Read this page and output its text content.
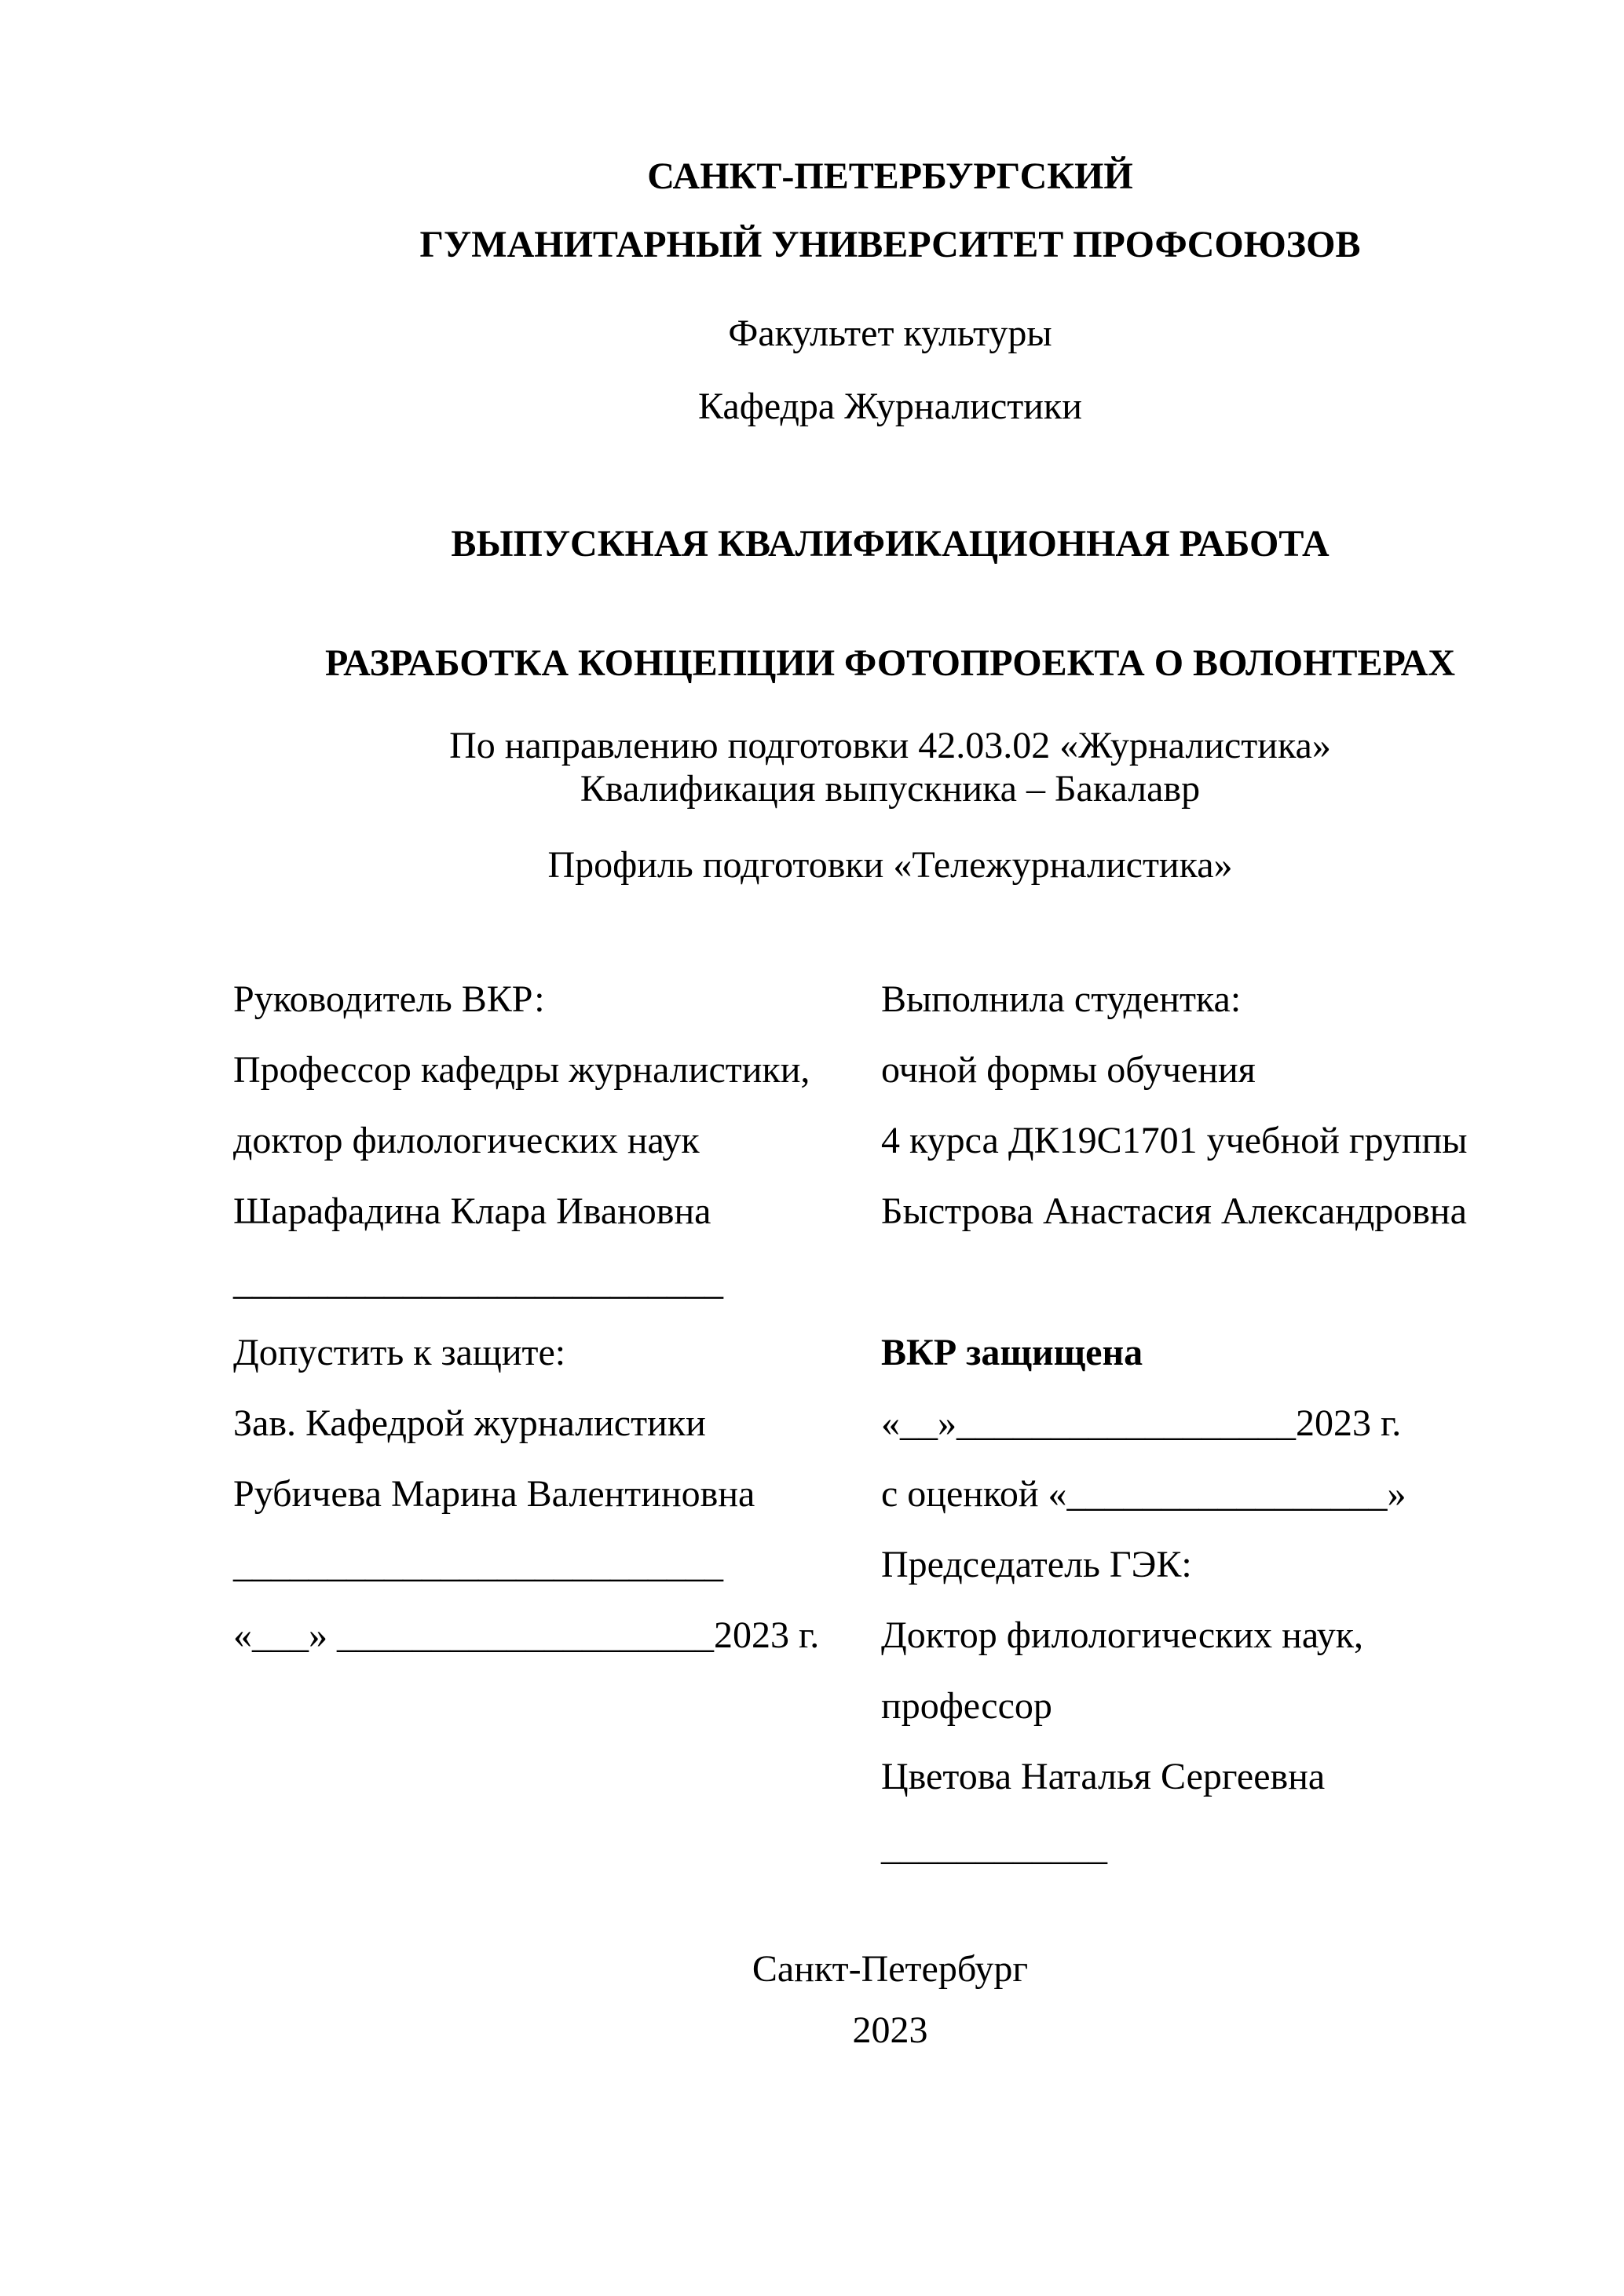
САНКТ-ПЕТЕРБУРГСКИЙ
ГУМАНИТАРНЫЙ УНИВЕРСИТЕТ ПРОФСОЮЗОВ
Факультет культуры
Кафедра Журналистики
ВЫПУСКНАЯ КВАЛИФИКАЦИОННАЯ РАБОТА
РАЗРАБОТКА КОНЦЕПЦИИ ФОТОПРОЕКТА О ВОЛОНТЕРАХ
По направлению подготовки 42.03.02 «Журналистика»
Квалификация выпускника – Бакалавр
Профиль подготовки «Тележурналистика»
Руководитель ВКР:
Профессор кафедры журналистики,
доктор филологических наук
Шарафадина Клара Ивановна
__________________________
Допустить к защите:
Зав. Кафедрой журналистики
Рубичева Марина Валентиновна
__________________________
«___» ____________________2023 г.
Выполнила студентка:
очной формы обучения
4 курса ДК19С1701 учебной группы
Быстрова Анастасия Александровна
ВКР защищена
«__»__________________2023 г.
с оценкой «_________________»
Председатель ГЭК:
Доктор филологических наук,
профессор
Цветова Наталья Сергеевна
____________
Санкт-Петербург
2023
